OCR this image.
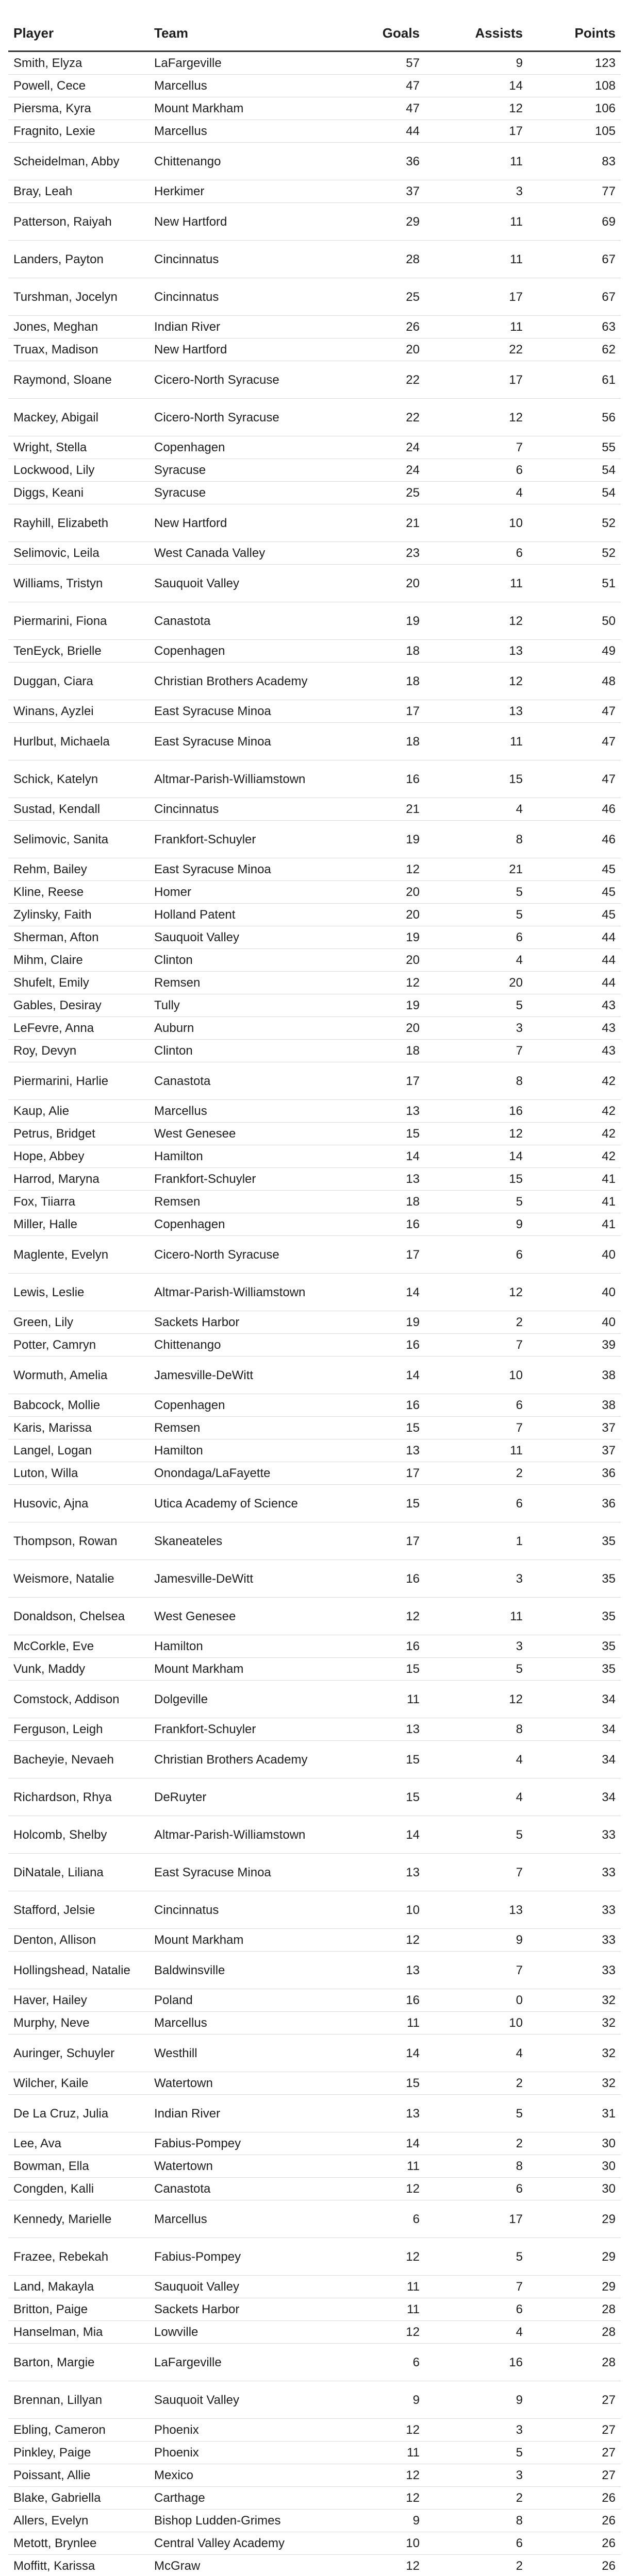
Player	Team	Goals	Assists	Points
Smith, Elyza	LaFargeville	57	9	123
Powell, Cece	Marcellus	47	14	108
Piersma, Kyra	Mount Markham	47	12	106
Fragnito, Lexie	Marcellus	44	17	105
Scheidelman, Abby	Chittenango	36	11	83
Bray, Leah	Herkimer	37	3	77
Patterson, Raiyah	New Hartford	29	11	69
Landers, Payton	Cincinnatus	28	11	67
Turshman, Jocelyn	Cincinnatus	25	17	67
Jones, Meghan	Indian River	26	11	63
Truax, Madison	New Hartford	20	22	62
Raymond, Sloane	Cicero-North Syracuse	22	17	61
Mackey, Abigail	Cicero-North Syracuse	22	12	56
Wright, Stella	Copenhagen	24	7	55
Lockwood, Lily	Syracuse	24	6	54
Diggs, Keani	Syracuse	25	4	54
Rayhill, Elizabeth	New Hartford	21	10	52
Selimovic, Leila	West Canada Valley	23	6	52
Williams, Tristyn	Sauquoit Valley	20	11	51
Piermarini, Fiona	Canastota	19	12	50
TenEyck, Brielle	Copenhagen	18	13	49
Duggan, Ciara	Christian Brothers Academy	18	12	48
Winans, Ayzlei	East Syracuse Minoa	17	13	47
Hurlbut, Michaela	East Syracuse Minoa	18	11	47
Schick, Katelyn	Altmar-Parish-Williamstown	16	15	47
Sustad, Kendall	Cincinnatus	21	4	46
Selimovic, Sanita	Frankfort-Schuyler	19	8	46
Rehm, Bailey	East Syracuse Minoa	12	21	45
Kline, Reese	Homer	20	5	45
Zylinsky, Faith	Holland Patent	20	5	45
Sherman, Afton	Sauquoit Valley	19	6	44
Mihm, Claire	Clinton	20	4	44
Shufelt, Emily	Remsen	12	20	44
Gables, Desiray	Tully	19	5	43
LeFevre, Anna	Auburn	20	3	43
Roy, Devyn	Clinton	18	7	43
Piermarini, Harlie	Canastota	17	8	42
Kaup, Alie	Marcellus	13	16	42
Petrus, Bridget	West Genesee	15	12	42
Hope, Abbey	Hamilton	14	14	42
Harrod, Maryna	Frankfort-Schuyler	13	15	41
Fox, Tiiarra	Remsen	18	5	41
Miller, Halle	Copenhagen	16	9	41
Maglente, Evelyn	Cicero-North Syracuse	17	6	40
Lewis, Leslie	Altmar-Parish-Williamstown	14	12	40
Green, Lily	Sackets Harbor	19	2	40
Potter, Camryn	Chittenango	16	7	39
Wormuth, Amelia	Jamesville-DeWitt	14	10	38
Babcock, Mollie	Copenhagen	16	6	38
Karis, Marissa	Remsen	15	7	37
Langel, Logan	Hamilton	13	11	37
Luton, Willa	Onondaga/LaFayette	17	2	36
Husovic, Ajna	Utica Academy of Science	15	6	36
Thompson, Rowan	Skaneateles	17	1	35
Weismore, Natalie	Jamesville-DeWitt	16	3	35
Donaldson, Chelsea	West Genesee	12	11	35
McCorkle, Eve	Hamilton	16	3	35
Vunk, Maddy	Mount Markham	15	5	35
Comstock, Addison	Dolgeville	11	12	34
Ferguson, Leigh	Frankfort-Schuyler	13	8	34
Bacheyie, Nevaeh	Christian Brothers Academy	15	4	34
Richardson, Rhya	DeRuyter	15	4	34
Holcomb, Shelby	Altmar-Parish-Williamstown	14	5	33
DiNatale, Liliana	East Syracuse Minoa	13	7	33
Stafford, Jelsie	Cincinnatus	10	13	33
Denton, Allison	Mount Markham	12	9	33
Hollingshead, Natalie	Baldwinsville	13	7	33
Haver, Hailey	Poland	16	0	32
Murphy, Neve	Marcellus	11	10	32
Auringer, Schuyler	Westhill	14	4	32
Wilcher, Kaile	Watertown	15	2	32
De La Cruz, Julia	Indian River	13	5	31
Lee, Ava	Fabius-Pompey	14	2	30
Bowman, Ella	Watertown	11	8	30
Congden, Kalli	Canastota	12	6	30
Kennedy, Marielle	Marcellus	6	17	29
Frazee, Rebekah	Fabius-Pompey	12	5	29
Land, Makayla	Sauquoit Valley	11	7	29
Britton, Paige	Sackets Harbor	11	6	28
Hanselman, Mia	Lowville	12	4	28
Barton, Margie	LaFargeville	6	16	28
Brennan, Lillyan	Sauquoit Valley	9	9	27
Ebling, Cameron	Phoenix	12	3	27
Pinkley, Paige	Phoenix	11	5	27
Poissant, Allie	Mexico	12	3	27
Blake, Gabriella	Carthage	12	2	26
Allers, Evelyn	Bishop Ludden-Grimes	9	8	26
Metott, Brynlee	Central Valley Academy	10	6	26
Moffitt, Karissa	McGraw	12	2	26
